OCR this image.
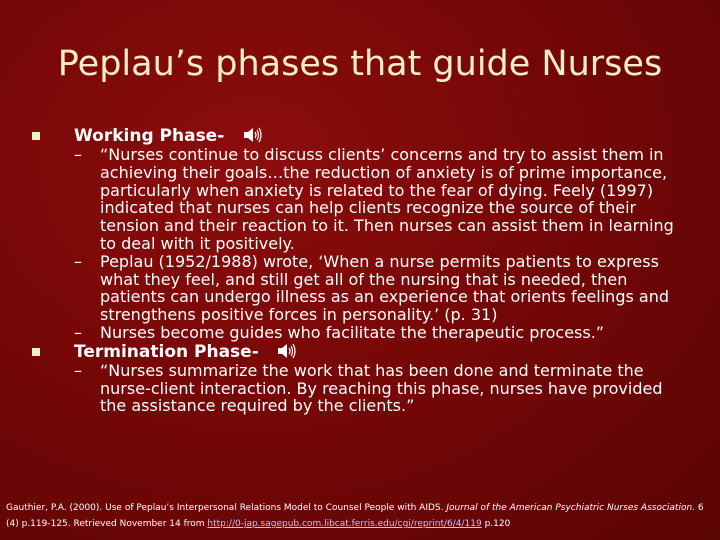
Peplau’s phases that guide Nurses
Working Phase-
– “Nurses continue to discuss clients’ concerns and try to assist them in achieving their goals…the reduction of anxiety is of prime importance, particularly when anxiety is related to the fear of dying. Feely (1997) indicated that nurses can help clients recognize the source of their tension and their reaction to it. Then nurses can assist them in learning to deal with it positively.
– Peplau (1952/1988) wrote, ‘When a nurse permits patients to express what they feel, and still get all of the nursing that is needed, then patients can undergo illness as an experience that orients feelings and strengthens positive forces in personality.’ (p. 31)
– Nurses become guides who facilitate the therapeutic process.”
Termination Phase-
– “Nurses summarize the work that has been done and terminate the nurse-client interaction. By reaching this phase, nurses have provided the assistance required by the clients.”
Gauthier, P.A. (2000). Use of Peplau’s Interpersonal Relations Model to Counsel People with AIDS. Journal of the American Psychiatric Nurses Association. 6 (4) p.119-125. Retrieved November 14 from http://0-jap.sagepub.com.libcat.ferris.edu/cgi/reprint/6/4/119 p.120
